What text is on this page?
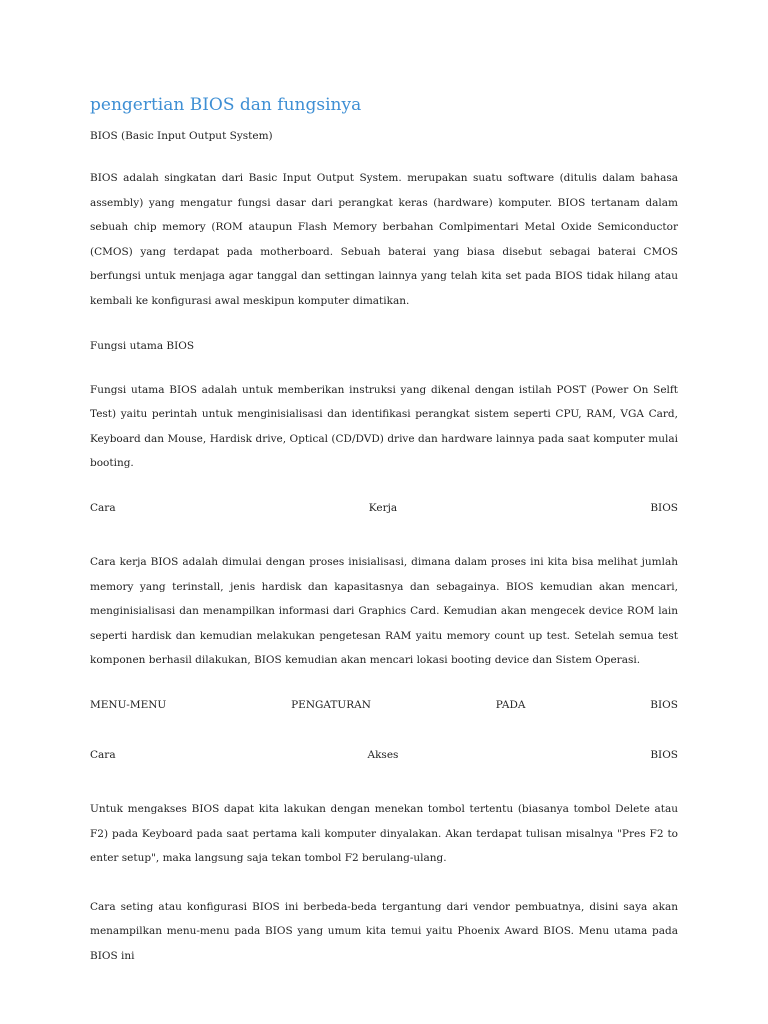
pengertian BIOS dan fungsinya
BIOS (Basic Input Output System)

BIOS adalah singkatan dari Basic Input Output System. merupakan suatu software (ditulis dalam bahasa assembly) yang mengatur fungsi dasar dari perangkat keras (hardware) komputer. BIOS tertanam dalam sebuah chip memory (ROM ataupun Flash Memory berbahan Comlpimentari Metal Oxide Semiconductor (CMOS) yang terdapat pada motherboard. Sebuah baterai yang biasa disebut sebagai baterai CMOS berfungsi untuk menjaga agar tanggal dan settingan lainnya yang telah kita set pada BIOS tidak hilang atau kembali ke konfigurasi awal meskipun komputer dimatikan.

Fungsi utama BIOS

Fungsi utama BIOS adalah untuk memberikan instruksi yang dikenal dengan istilah POST (Power On Selft Test) yaitu perintah untuk menginisialisasi dan identifikasi perangkat sistem seperti CPU, RAM, VGA Card, Keyboard dan Mouse, Hardisk drive, Optical (CD/DVD) drive dan hardware lainnya pada saat komputer mulai booting.

Cara	Kerja	BIOS

Cara kerja BIOS adalah dimulai dengan proses inisialisasi, dimana dalam proses ini kita bisa melihat jumlah memory yang terinstall, jenis hardisk dan kapasitasnya dan sebagainya. BIOS kemudian akan mencari, menginisialisasi dan menampilkan informasi dari Graphics Card. Kemudian akan mengecek device ROM lain seperti hardisk dan kemudian melakukan pengetesan RAM yaitu memory count up test. Setelah semua test komponen berhasil dilakukan, BIOS kemudian akan mencari lokasi booting device dan Sistem Operasi.

MENU-MENU	PENGATURAN	PADA	BIOS
Cara	Akses	BIOS

Untuk mengakses BIOS dapat kita lakukan dengan menekan tombol tertentu (biasanya tombol Delete atau F2) pada Keyboard pada saat pertama kali komputer dinyalakan. Akan terdapat tulisan misalnya "Pres F2 to enter setup", maka langsung saja tekan tombol F2 berulang-ulang.

Cara seting atau konfigurasi BIOS ini berbeda-beda tergantung dari vendor pembuatnya, disini saya akan menampilkan menu-menu pada BIOS yang umum kita temui yaitu Phoenix Award BIOS. Menu utama pada BIOS ini
